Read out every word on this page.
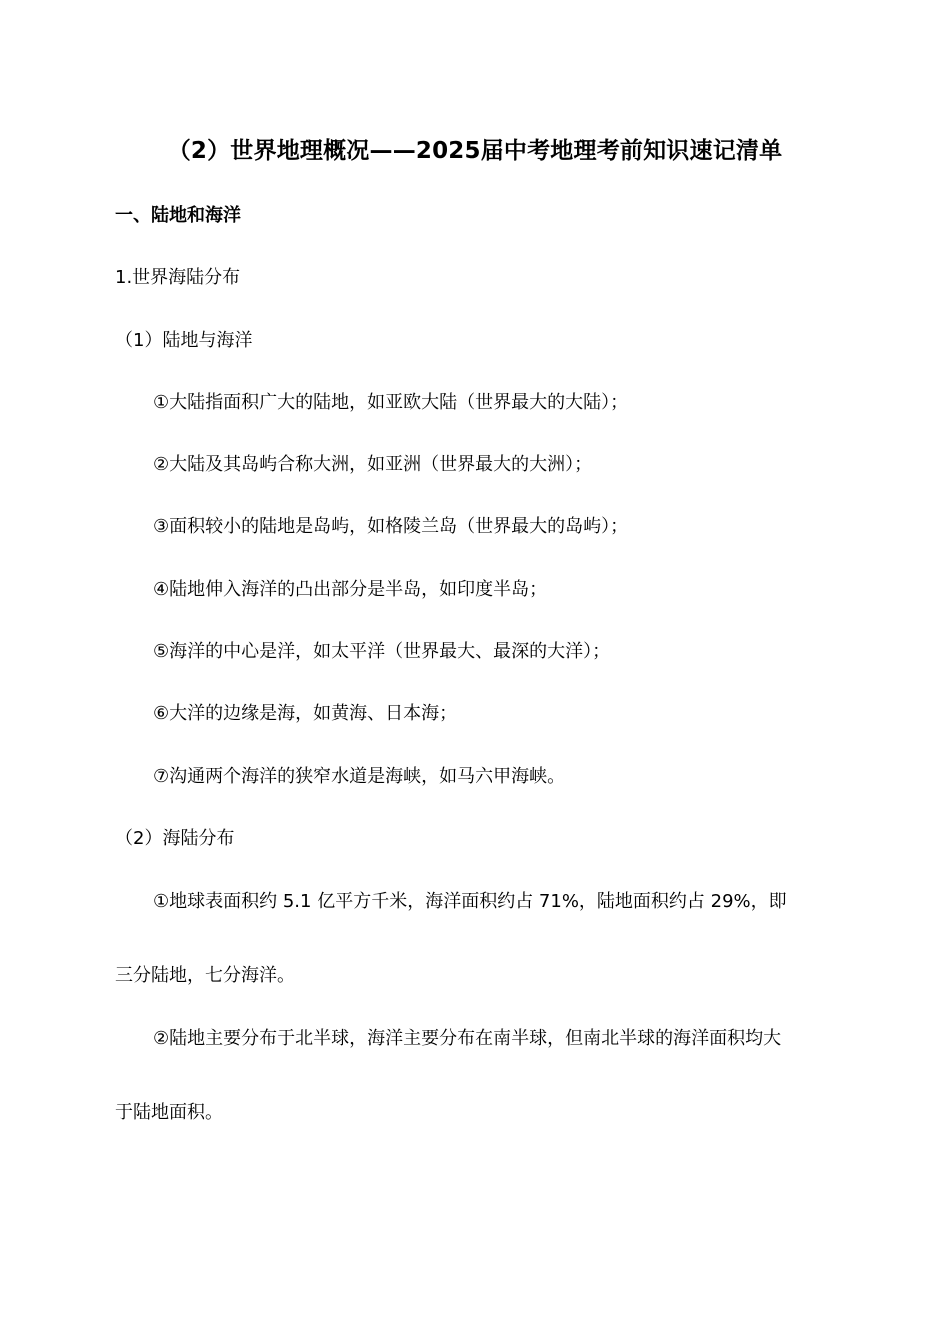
（2）世界地理概况——2025届中考地理考前知识速记清单
一、陆地和海洋
1.世界海陆分布
（1）陆地与海洋
①大陆指面积广大的陆地，如亚欧大陆（世界最大的大陆）；
②大陆及其岛屿合称大洲，如亚洲（世界最大的大洲）；
③面积较小的陆地是岛屿，如格陵兰岛（世界最大的岛屿）；
④陆地伸入海洋的凸出部分是半岛，如印度半岛；
⑤海洋的中心是洋，如太平洋（世界最大、最深的大洋）；
⑥大洋的边缘是海，如黄海、日本海；
⑦沟通两个海洋的狭窄水道是海峡，如马六甲海峡。
（2）海陆分布
①地球表面积约 5.1 亿平方千米，海洋面积约占 71%，陆地面积约占 29%，即
三分陆地，七分海洋。
②陆地主要分布于北半球，海洋主要分布在南半球，但南北半球的海洋面积均大
于陆地面积。
